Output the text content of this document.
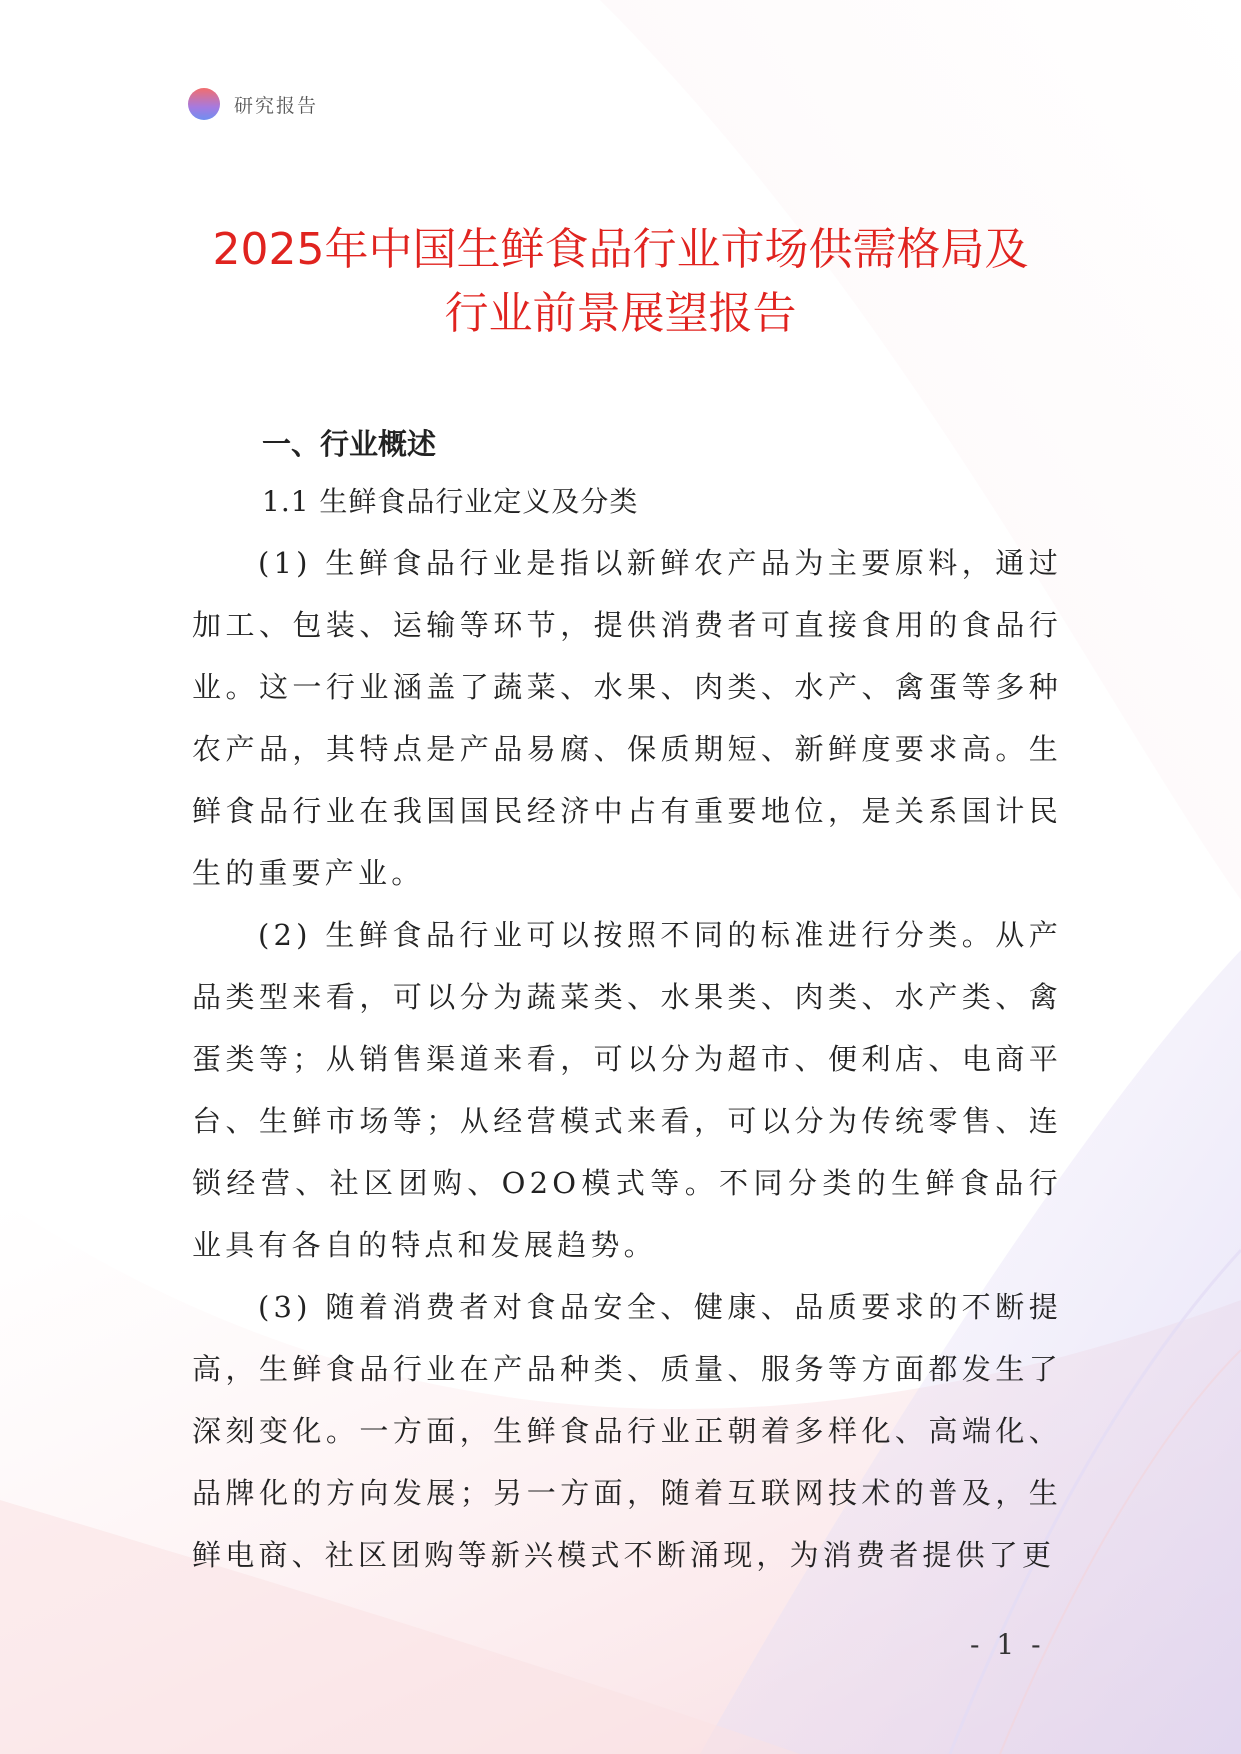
研究报告
2025年中国生鲜食品行业市场供需格局及
行业前景展望报告
一、行业概述
1.1 生鲜食品行业定义及分类

(1) 生鲜食品行业是指以新鲜农产品为主要原料，通过加工、包装、运输等环节，提供消费者可直接食用的食品行业。这一行业涵盖了蔬菜、水果、肉类、水产、禽蛋等多种农产品，其特点是产品易腐、保质期短、新鲜度要求高。生鲜食品行业在我国国民经济中占有重要地位，是关系国计民生的重要产业。

(2) 生鲜食品行业可以按照不同的标准进行分类。从产品类型来看，可以分为蔬菜类、水果类、肉类、水产类、禽蛋类等；从销售渠道来看，可以分为超市、便利店、电商平台、生鲜市场等；从经营模式来看，可以分为传统零售、连锁经营、社区团购、O2O模式等。不同分类的生鲜食品行业具有各自的特点和发展趋势。

(3) 随着消费者对食品安全、健康、品质要求的不断提高，生鲜食品行业在产品种类、质量、服务等方面都发生了深刻变化。一方面，生鲜食品行业正朝着多样化、高端化、品牌化的方向发展；另一方面，随着互联网技术的普及，生鲜电商、社区团购等新兴模式不断涌现，为消费者提供了更

- 1 -
